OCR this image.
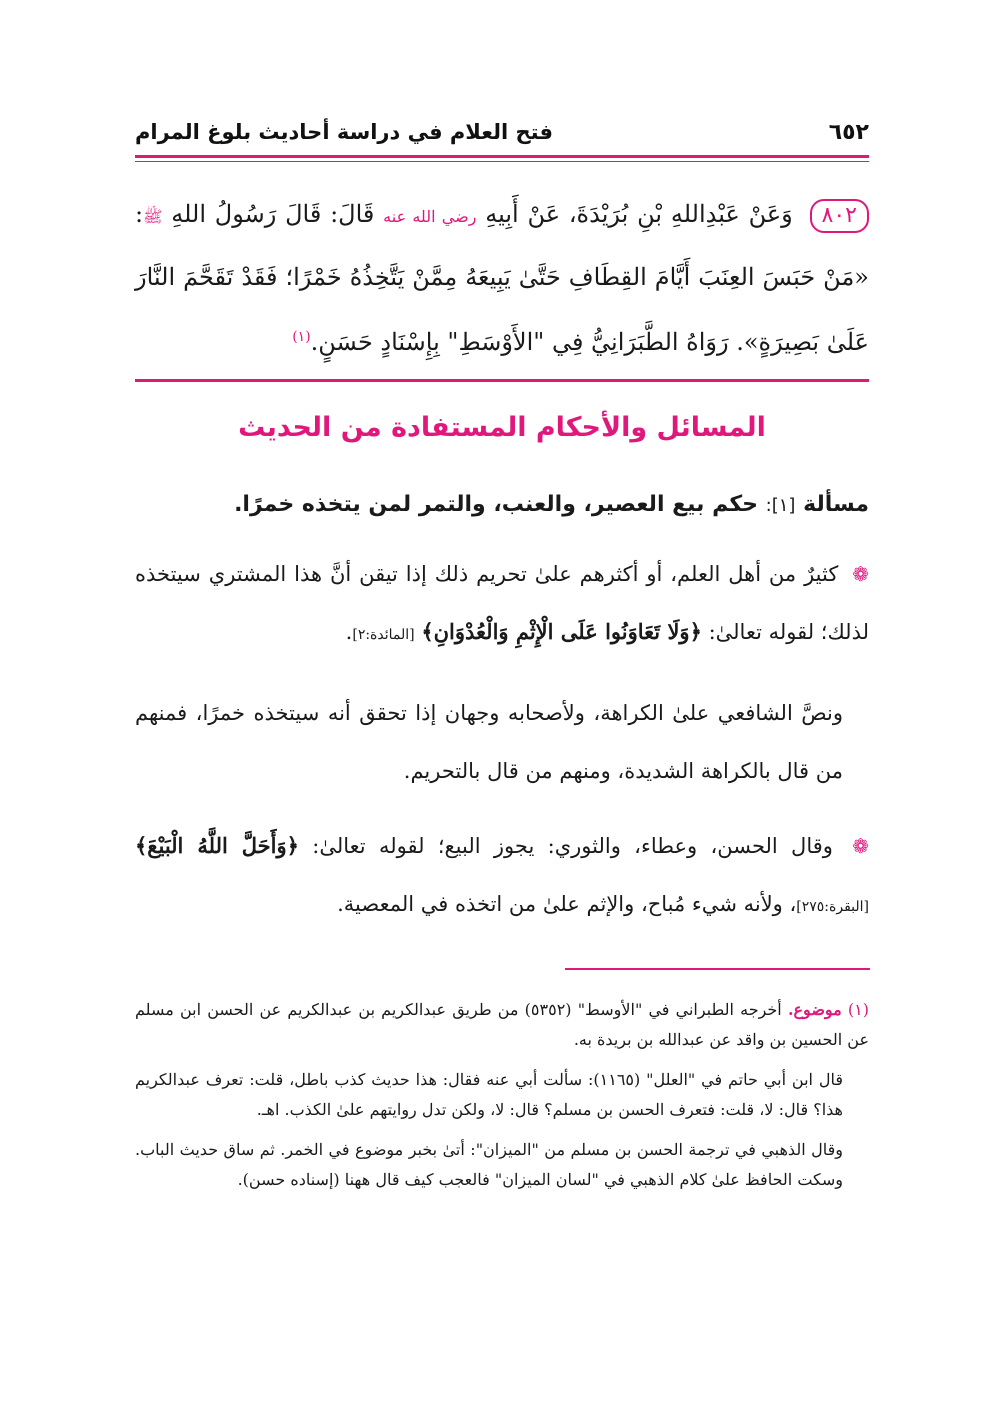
فتح العلام في دراسة أحاديث بلوغ المرام	٦٥٢
٨٠٢ وَعَنْ عَبْدِاللهِ بْنِ بُرَيْدَةَ، عَنْ أَبِيهِ رضي الله عنه قَالَ: قَالَ رَسُولُ اللهِ ﷺ: «مَنْ حَبَسَ العِنَبَ أَيَّامَ القِطَافِ حَتَّىٰ يَبِيعَهُ مِمَّنْ يَتَّخِذُهُ خَمْرًا؛ فَقَدْ تَقَحَّمَ النَّارَ عَلَىٰ بَصِيرَةٍ». رَوَاهُ الطَّبَرَانِيُّ فِي "الأَوْسَطِ" بِإِسْنَادٍ حَسَنٍ.$^{(١)}$
المسائل والأحكام المستفادة من الحديث
مسألة [١]: حكم بيع العصير، والعنب، والتمر لمن يتخذه خمرًا.
❁ كثيرٌ من أهل العلم، أو أكثرهم علىٰ تحريم ذلك إذا تيقن أنَّ هذا المشتري سيتخذه لذلك؛ لقوله تعالىٰ: ﴿وَلَا تَعَاوَنُوا عَلَى الْإِثْمِ وَالْعُدْوَانِ﴾ [المائدة:٢].
ونصَّ الشافعي علىٰ الكراهة، ولأصحابه وجهان إذا تحقق أنه سيتخذه خمرًا، فمنهم من قال بالكراهة الشديدة، ومنهم من قال بالتحريم.
❁ وقال الحسن، وعطاء، والثوري: يجوز البيع؛ لقوله تعالىٰ: ﴿وَأَحَلَّ اللَّهُ الْبَيْعَ﴾ [البقرة:٢٧٥]، ولأنه شيء مُباح، والإثم علىٰ من اتخذه في المعصية.

(١) موضوع. أخرجه الطبراني في "الأوسط" (٥٣٥٢) من طريق عبدالكريم بن عبدالكريم عن الحسن ابن مسلم عن الحسين بن واقد عن عبدالله بن بريدة به.

قال ابن أبي حاتم في "العلل" (١١٦٥): سألت أبي عنه فقال: هذا حديث كذب باطل، قلت: تعرف عبدالكريم هذا؟ قال: لا، قلت: فتعرف الحسن بن مسلم؟ قال: لا، ولكن تدل روايتهم علىٰ الكذب. اهـ.

وقال الذهبي في ترجمة الحسن بن مسلم من "الميزان": أتىٰ بخبر موضوع في الخمر. ثم ساق حديث الباب. وسكت الحافظ علىٰ كلام الذهبي في "لسان الميزان" فالعجب كيف قال ههنا (إسناده حسن).
